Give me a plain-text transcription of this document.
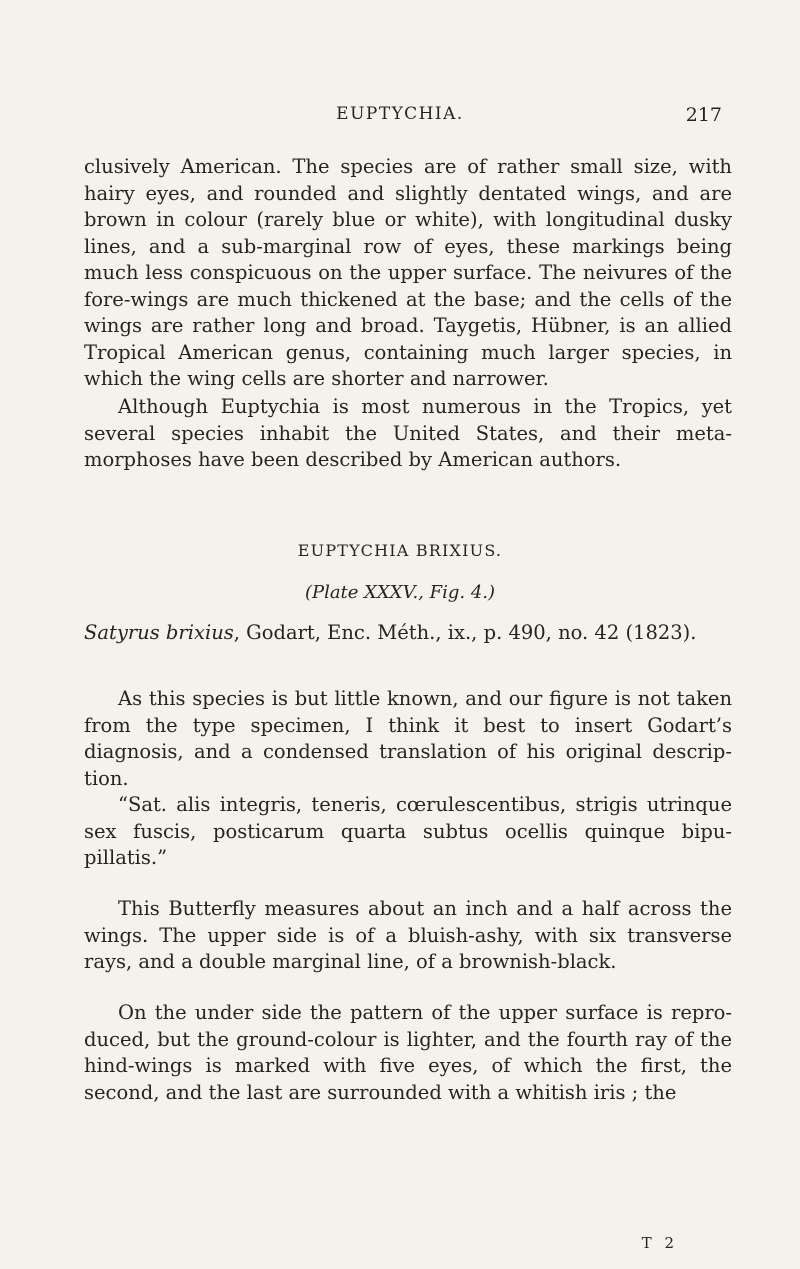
EUPTYCHIA.	217

clusively American. The species are of rather small size, with hairy eyes, and rounded and slightly dentated wings, and are brown in colour (rarely blue or white), with longitudinal dusky lines, and a sub-marginal row of eyes, these markings being much less conspicuous on the upper surface. The neivures of the fore-wings are much thickened at the base; and the cells of the wings are rather long and broad. Taygetis, Hübner, is an allied Tropical American genus, containing much larger species, in which the wing cells are shorter and narrower.

Although Euptychia is most numerous in the Tropics, yet several species inhabit the United States, and their meta-morphoses have been described by American authors.

EUPTYCHIA BRIXIUS.
(Plate XXXV., Fig. 4.)

Satyrus brixius, Godart, Enc. Méth., ix., p. 490, no. 42 (1823).

As this species is but little known, and our figure is not taken from the type specimen, I think it best to insert Godart’s diagnosis, and a condensed translation of his original descrip-tion.

“Sat. alis integris, teneris, cœrulescentibus, strigis utrinque sex fuscis, posticarum quarta subtus ocellis quinque bipu-pillatis.”

This Butterfly measures about an inch and a half across the wings. The upper side is of a bluish-ashy, with six transverse rays, and a double marginal line, of a brownish-black.

On the under side the pattern of the upper surface is repro-duced, but the ground-colour is lighter, and the fourth ray of the hind-wings is marked with five eyes, of which the first, the second, and the last are surrounded with a whitish iris ; the

T 2
